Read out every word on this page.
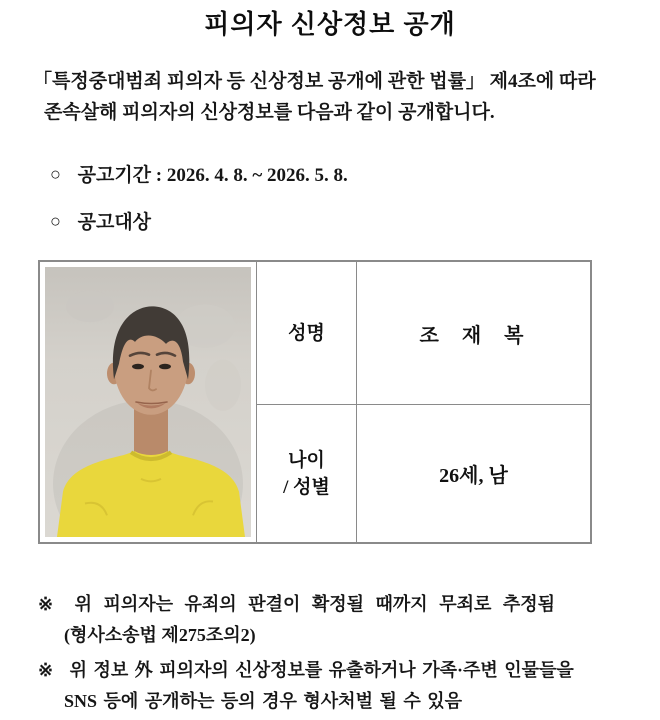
피의자 신상정보 공개
「특정중대범죄 피의자 등 신상정보 공개에 관한 법률」 제4조에 따라
존속살해 피의자의 신상정보를 다음과 같이 공개합니다.
○ 공고기간 : 2026. 4. 8. ~ 2026. 5. 8.
○ 공고대상
성명	조 재 복
나이
/ 성별	26세, 남
※ 위 피의자는 유죄의 판결이 확정될 때까지 무죄로 추정됨
(형사소송법 제275조의2)
※ 위 정보 外 피의자의 신상정보를 유출하거나 가족·주변 인물들을
SNS 등에 공개하는 등의 경우 형사처벌 될 수 있음
